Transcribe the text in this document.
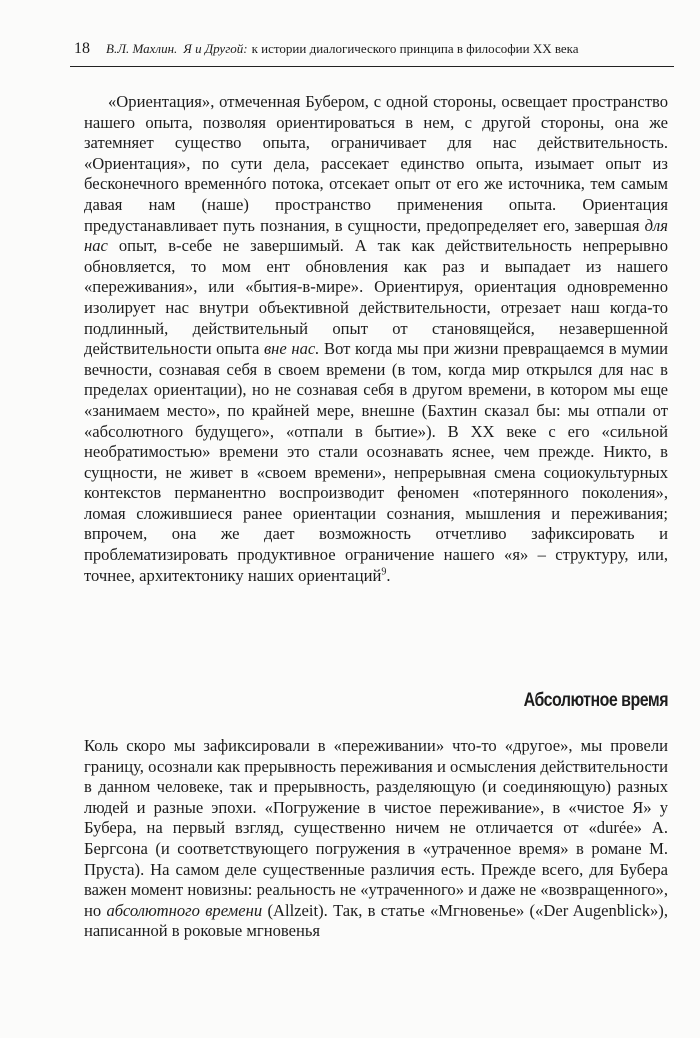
18 В.Л. Махлин. Я и Другой: к истории диалогического принципа в философии XX века

«Ориентация», отмеченная Бубером, с одной стороны, освещает пространство нашего опыта, позволяя ориентироваться в нем, с другой стороны, она же затемняет существо опыта, ограничивает для нас действительность. «Ориентация», по сути дела, рассекает единство опыта, изымает опыт из бесконечного временнóго потока, отсекает опыт от его же источника, тем самым давая нам (наше) пространство применения опыта. Ориентация предустанавливает путь познания, в сущности, предопределяет его, завершая для нас опыт, в-себе не завершимый. А так как действительность непрерывно обновляется, то мом ент обновления как раз и выпадает из нашего «переживания», или «бытия-в-мире». Ориентируя, ориентация одновременно изолирует нас внутри объективной действительности, отрезает наш когда-то подлинный, действительный опыт от становящейся, незавершенной действительности опыта вне нас. Вот когда мы при жизни превращаемся в мумии вечности, сознавая себя в своем времени (в том, когда мир открылся для нас в пределах ориентации), но не сознавая себя в другом времени, в котором мы еще «занимаем место», по крайней мере, внешне (Бахтин сказал бы: мы отпали от «абсолютного будущего», «отпали в бытие»). В XX веке с его «сильной необратимостью» времени это стали осознавать яснее, чем прежде. Никто, в сущности, не живет в «своем времени», непрерывная смена социокультурных контекстов перманентно воспроизводит феномен «потерянного поколения», ломая сложившиеся ранее ориентации сознания, мышления и переживания; впрочем, она же дает возможность отчетливо зафиксировать и проблематизировать продуктивное ограничение нашего «я» – структуру, или, точнее, архитектонику наших ориентаций$^9$.

Абсолютное время

Коль скоро мы зафиксировали в «переживании» что-то «другое», мы провели границу, осознали как прерывность переживания и осмысления действительности в данном человеке, так и прерывность, разделяющую (и соединяющую) разных людей и разные эпохи. «Погружение в чистое переживание», в «чистое Я» у Бубера, на первый взгляд, существенно ничем не отличается от «durée» А. Бергсона (и соответствующего погружения в «утраченное время» в романе М. Пруста). На самом деле существенные различия есть. Прежде всего, для Бубера важен момент новизны: реальность не «утраченного» и даже не «возвращенного», но абсолютного времени (Allzeit). Так, в статье «Мгновенье» («Der Augenblick»), написанной в роковые мгновенья
